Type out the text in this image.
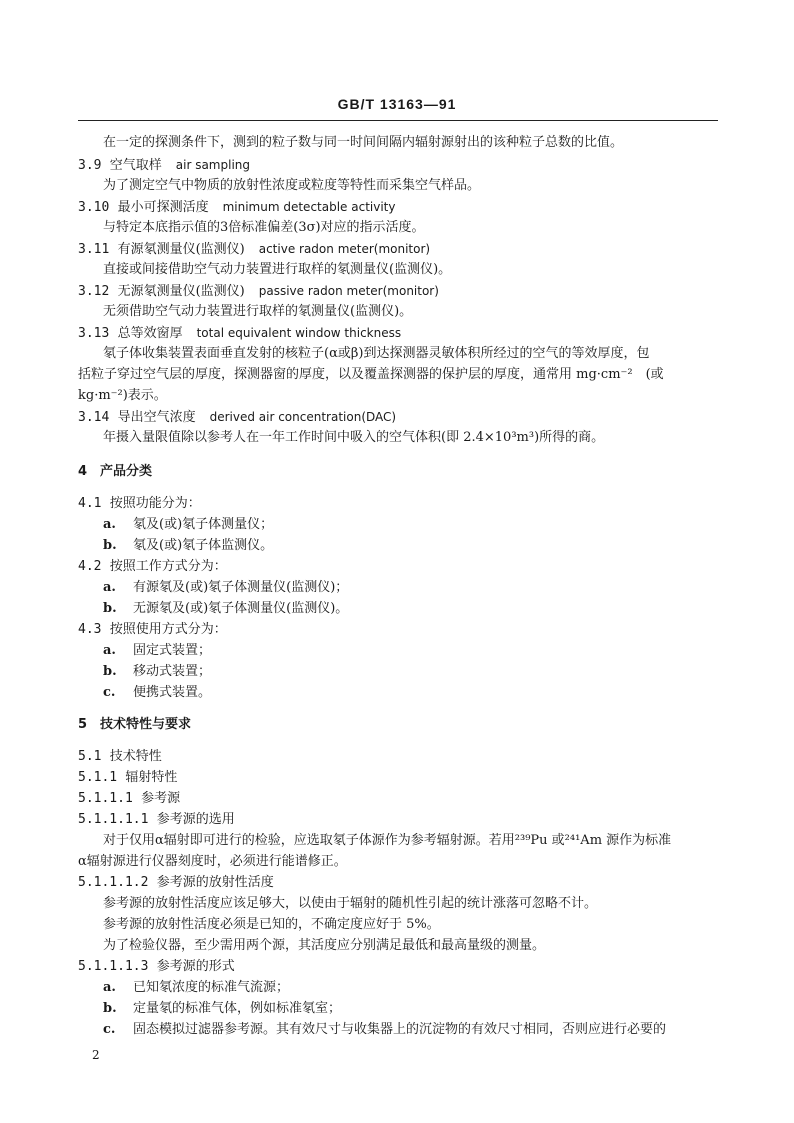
GB/T 13163—91
在一定的探测条件下，测到的粒子数与同一时间间隔内辐射源射出的该种粒子总数的比值。
3.9 空气取样 air sampling
为了测定空气中物质的放射性浓度或粒度等特性而采集空气样品。
3.10 最小可探测活度 minimum detectable activity
与特定本底指示值的3倍标准偏差(3σ)对应的指示活度。
3.11 有源氡测量仪(监测仪) active radon meter(monitor)
直接或间接借助空气动力装置进行取样的氡测量仪(监测仪)。
3.12 无源氡测量仪(监测仪) passive radon meter(monitor)
无须借助空气动力装置进行取样的氡测量仪(监测仪)。
3.13 总等效窗厚 total equivalent window thickness
氡子体收集装置表面垂直发射的核粒子(α或β)到达探测器灵敏体积所经过的空气的等效厚度，包
括粒子穿过空气层的厚度，探测器窗的厚度，以及覆盖探测器的保护层的厚度，通常用 mg·cm⁻²　(或
kg·m⁻²)表示。
3.14 导出空气浓度 derived air concentration(DAC)
年摄入量限值除以参考人在一年工作时间中吸入的空气体积(即 2.4×10³m³)所得的商。
4　产品分类
4.1 按照功能分为：
a. 氡及(或)氡子体测量仪；
b. 氡及(或)氡子体监测仪。
4.2 按照工作方式分为：
a. 有源氡及(或)氡子体测量仪(监测仪)；
b. 无源氡及(或)氡子体测量仪(监测仪)。
4.3 按照使用方式分为：
a. 固定式装置；
b. 移动式装置；
c. 便携式装置。
5　技术特性与要求
5.1 技术特性
5.1.1 辐射特性
5.1.1.1 参考源
5.1.1.1.1 参考源的选用
对于仅用α辐射即可进行的检验，应选取氡子体源作为参考辐射源。若用²³⁹Pu 或²⁴¹Am 源作为标准
α辐射源进行仪器刻度时，必须进行能谱修正。
5.1.1.1.2 参考源的放射性活度
参考源的放射性活度应该足够大，以使由于辐射的随机性引起的统计涨落可忽略不计。
参考源的放射性活度必须是已知的，不确定度应好于 5%。
为了检验仪器，至少需用两个源，其活度应分别满足最低和最高量级的测量。
5.1.1.1.3 参考源的形式
a. 已知氡浓度的标准气流源；
b. 定量氡的标准气体，例如标准氡室；
c. 固态模拟过滤器参考源。其有效尺寸与收集器上的沉淀物的有效尺寸相同，否则应进行必要的
2
